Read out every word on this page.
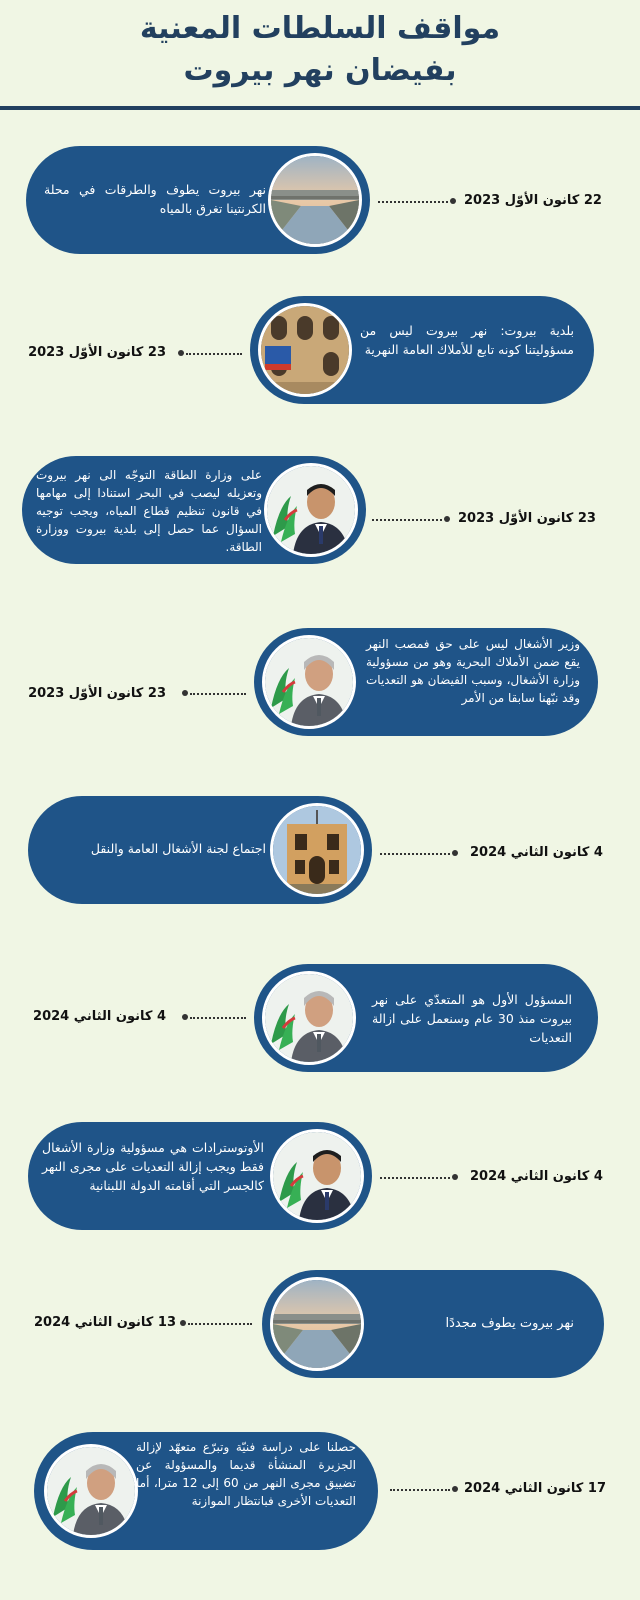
مواقف السلطات المعنية
بفيضان نهر بيروت
نهر بيروت يطوف والطرقات في محلة الكرنتينا تغرق بالمياه
22 كانون الأوّل 2023
بلدية بيروت: نهر بيروت ليس من مسؤوليتنا كونه تابع للأملاك العامة النهرية
23 كانون الأوّل 2023
على وزارة الطاقة التوجّه الى نهر بيروت وتعزيله ليصب في البحر استنادا إلى مهامها في قانون تنظيم قطاع المياه، ويجب توجيه السؤال عما حصل إلى بلدية بيروت ووزارة الطاقة.
23 كانون الأوّل 2023
وزير الأشغال ليس على حق فمصب النهر يقع ضمن الأملاك البحرية وهو من مسؤولية وزارة الأشغال، وسبب الفيضان هو التعديات وقد نبّهنا سابقا من الأمر
23 كانون الأوّل 2023
اجتماع لجنة الأشغال العامة والنقل	4 كانون الثاني 2024
المسؤول الأول هو المتعدّي على نهر بيروت منذ 30 عام وسنعمل على ازالة التعديات
4 كانون الثاني 2024
الأوتوسترادات هي مسؤولية وزارة الأشغال فقط ويجب إزالة التعديات على مجرى النهر كالجسر التي أقامته الدولة اللبنانية
4 كانون الثاني 2024
نهر بيروت يطوف مجددًا
13 كانون الثاني 2024
حصلنا على دراسة فنيّة وتبرّع متعهّد لإزالة الجزيرة المنشأة قديما والمسؤولة عن تضييق مجرى النهر من 60 إلى 12 مترا، أما التعديات الأخرى فبانتظار الموازنة
17 كانون الثاني 2024
